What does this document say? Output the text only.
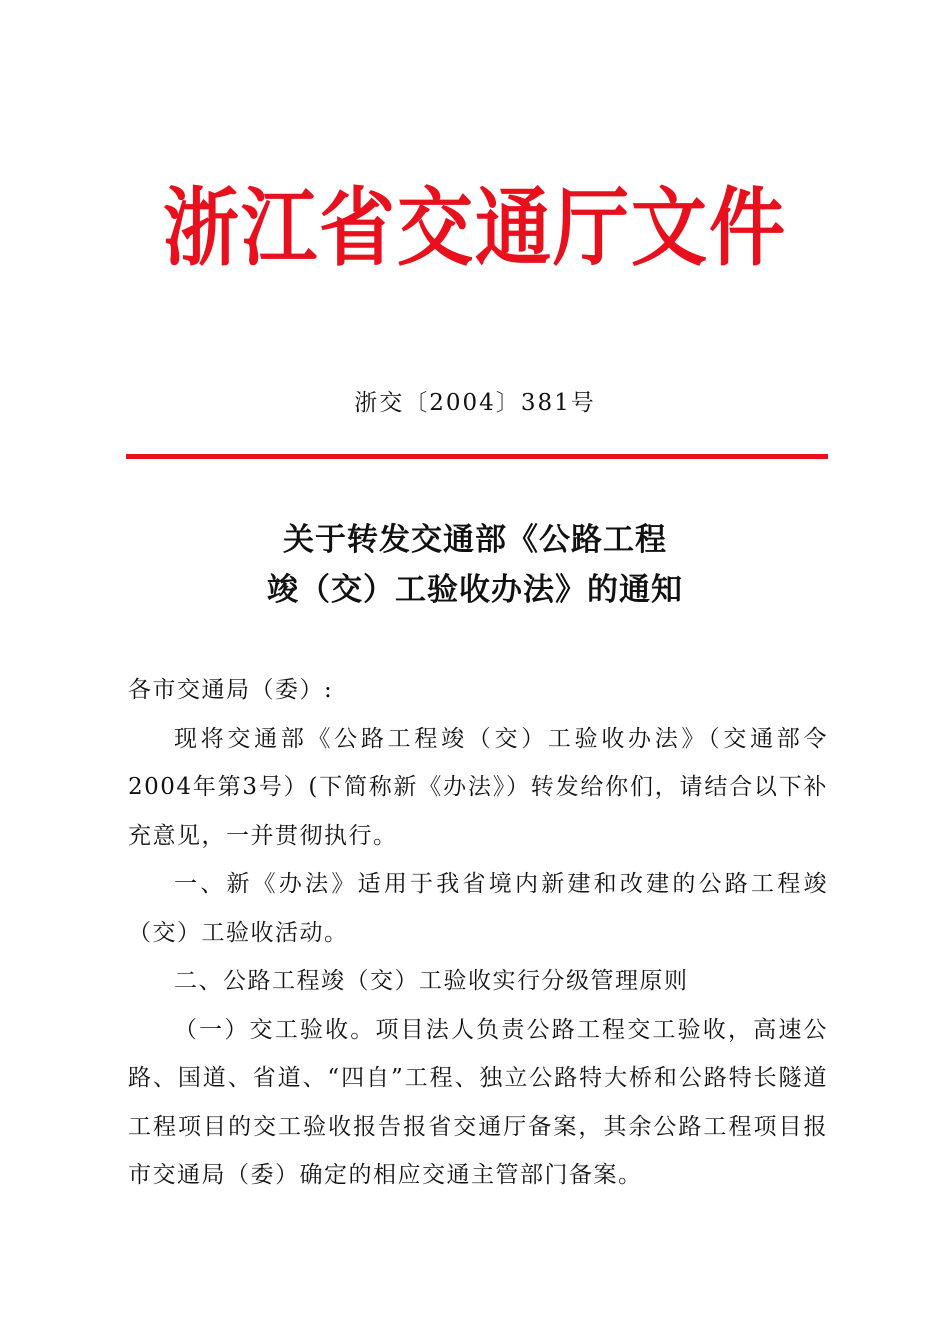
浙江省交通厅文件
浙交〔2004〕381号
关于转发交通部《公路工程
竣（交）工验收办法》的通知

各市交通局（委）:

现将交通部《公路工程竣（交）工验收办法》（交通部令2004年第3号）(下简称新《办法》）转发给你们，请结合以下补充意见，一并贯彻执行。

一、新《办法》适用于我省境内新建和改建的公路工程竣（交）工验收活动。

二、公路工程竣（交）工验收实行分级管理原则

（一）交工验收。项目法人负责公路工程交工验收，高速公路、国道、省道、“四自”工程、独立公路特大桥和公路特长隧道工程项目的交工验收报告报省交通厅备案，其余公路工程项目报市交通局（委）确定的相应交通主管部门备案。
